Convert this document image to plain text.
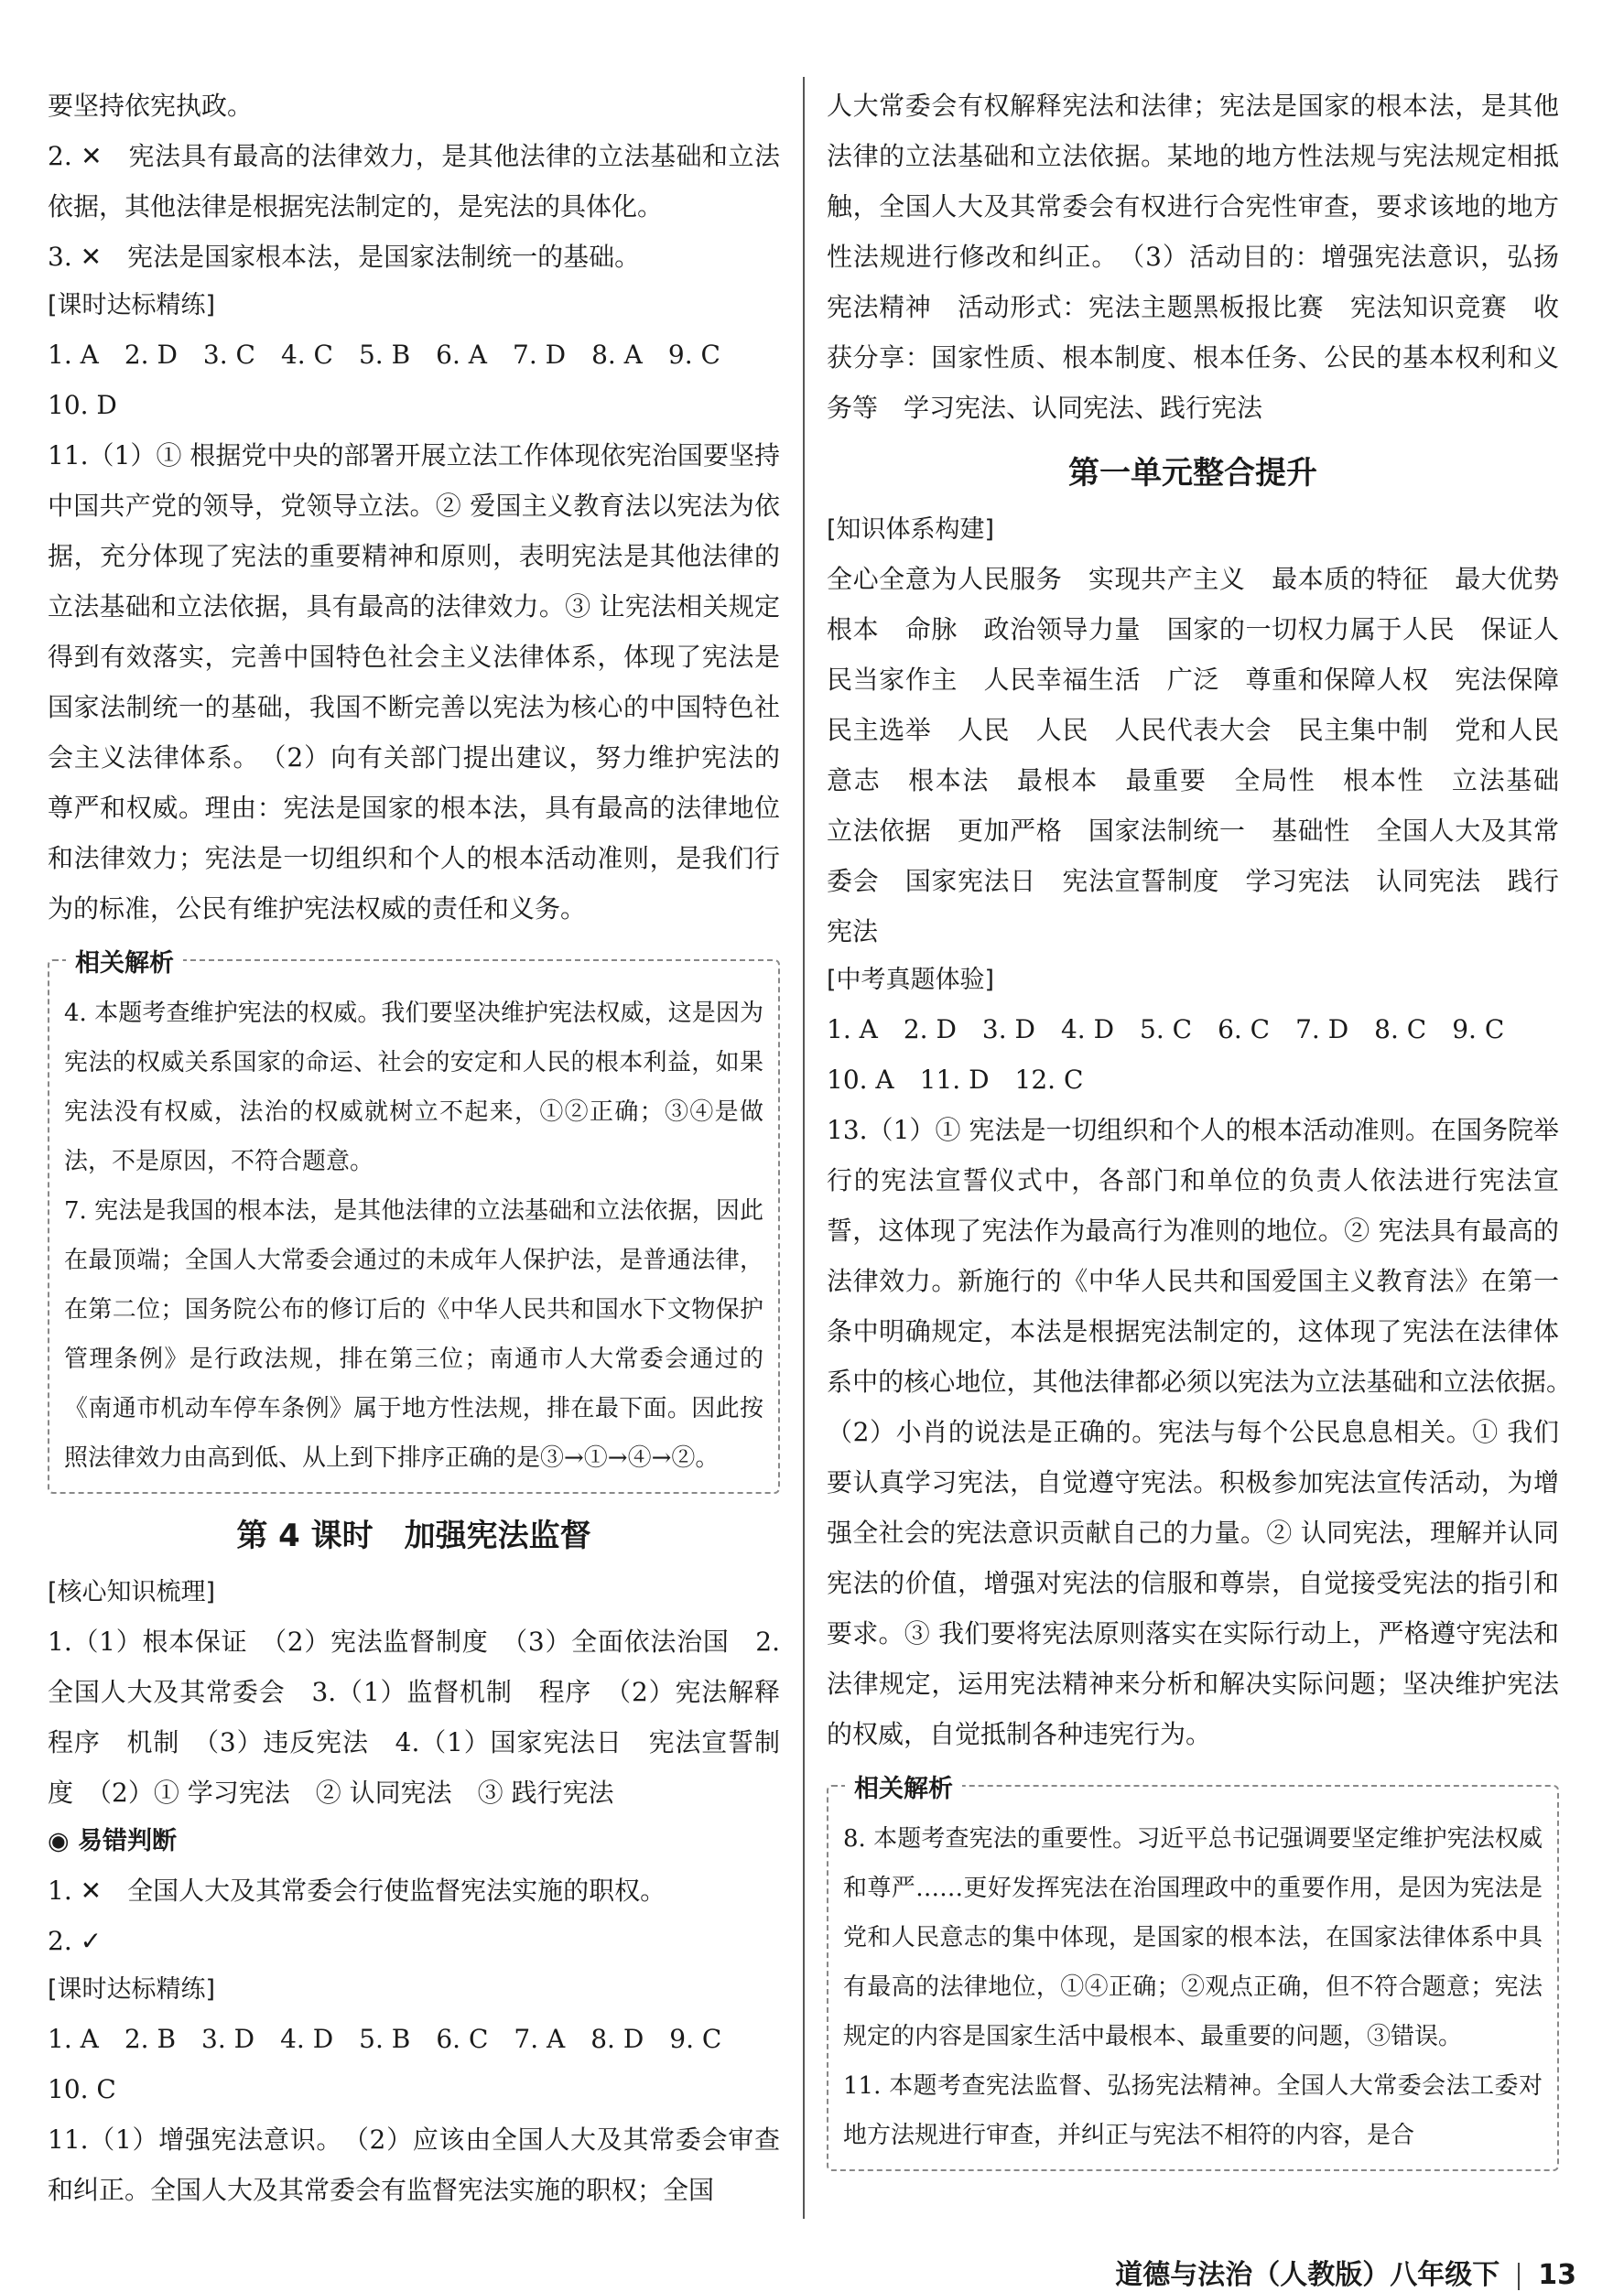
要坚持依宪执政。

2. ✕　宪法具有最高的法律效力，是其他法律的立法基础和立法依据，其他法律是根据宪法制定的，是宪法的具体化。

3. ✕　宪法是国家根本法，是国家法制统一的基础。

[课时达标精练]

1. A　2. D　3. C　4. C　5. B　6. A　7. D　8. A　9. C

10. D

11.（1）① 根据党中央的部署开展立法工作体现依宪治国要坚持中国共产党的领导，党领导立法。② 爱国主义教育法以宪法为依据，充分体现了宪法的重要精神和原则，表明宪法是其他法律的立法基础和立法依据，具有最高的法律效力。③ 让宪法相关规定得到有效落实，完善中国特色社会主义法律体系，体现了宪法是国家法制统一的基础，我国不断完善以宪法为核心的中国特色社会主义法律体系。　（2）向有关部门提出建议，努力维护宪法的尊严和权威。理由：宪法是国家的根本法，具有最高的法律地位和法律效力；宪法是一切组织和个人的根本活动准则，是我们行为的标准，公民有维护宪法权威的责任和义务。

相关解析

4. 本题考查维护宪法的权威。我们要坚决维护宪法权威，这是因为宪法的权威关系国家的命运、社会的安定和人民的根本利益，如果宪法没有权威，法治的权威就树立不起来，①②正确；③④是做法，不是原因，不符合题意。

7. 宪法是我国的根本法，是其他法律的立法基础和立法依据，因此在最顶端；全国人大常委会通过的未成年人保护法，是普通法律，在第二位；国务院公布的修订后的《中华人民共和国水下文物保护管理条例》是行政法规，排在第三位；南通市人大常委会通过的《南通市机动车停车条例》属于地方性法规，排在最下面。因此按照法律效力由高到低、从上到下排序正确的是③→①→④→②。

第 4 课时　加强宪法监督

[核心知识梳理]

1.（1）根本保证　（2）宪法监督制度　（3）全面依法治国　2. 全国人大及其常委会　3.（1）监督机制　程序　（2）宪法解释程序　机制　（3）违反宪法　4.（1）国家宪法日　宪法宣誓制度　（2）① 学习宪法　② 认同宪法　③ 践行宪法

◉ 易错判断

1. ✕　全国人大及其常委会行使监督宪法实施的职权。

2. ✓

[课时达标精练]

1. A　2. B　3. D　4. D　5. B　6. C　7. A　8. D　9. C

10. C

11.（1）增强宪法意识。　（2）应该由全国人大及其常委会审查和纠正。全国人大及其常委会有监督宪法实施的职权；全国

人大常委会有权解释宪法和法律；宪法是国家的根本法，是其他法律的立法基础和立法依据。某地的地方性法规与宪法规定相抵触，全国人大及其常委会有权进行合宪性审查，要求该地的地方性法规进行修改和纠正。　（3）活动目的：增强宪法意识，弘扬宪法精神　活动形式：宪法主题黑板报比赛　宪法知识竞赛　收获分享：国家性质、根本制度、根本任务、公民的基本权利和义务等　学习宪法、认同宪法、践行宪法

第一单元整合提升

[知识体系构建]

全心全意为人民服务　实现共产主义　最本质的特征　最大优势　根本　命脉　政治领导力量　国家的一切权力属于人民　保证人民当家作主　人民幸福生活　广泛　尊重和保障人权　宪法保障　民主选举　人民　人民　人民代表大会　民主集中制　党和人民意志　根本法　最根本　最重要　全局性　根本性　立法基础　立法依据　更加严格　国家法制统一　基础性　全国人大及其常委会　国家宪法日　宪法宣誓制度　学习宪法　认同宪法　践行宪法

[中考真题体验]

1. A　2. D　3. D　4. D　5. C　6. C　7. D　8. C　9. C

10. A　11. D　12. C

13.（1）① 宪法是一切组织和个人的根本活动准则。在国务院举行的宪法宣誓仪式中，各部门和单位的负责人依法进行宪法宣誓，这体现了宪法作为最高行为准则的地位。② 宪法具有最高的法律效力。新施行的《中华人民共和国爱国主义教育法》在第一条中明确规定，本法是根据宪法制定的，这体现了宪法在法律体系中的核心地位，其他法律都必须以宪法为立法基础和立法依据。　（2）小肖的说法是正确的。宪法与每个公民息息相关。① 我们要认真学习宪法，自觉遵守宪法。积极参加宪法宣传活动，为增强全社会的宪法意识贡献自己的力量。② 认同宪法，理解并认同宪法的价值，增强对宪法的信服和尊崇，自觉接受宪法的指引和要求。③ 我们要将宪法原则落实在实际行动上，严格遵守宪法和法律规定，运用宪法精神来分析和解决实际问题；坚决维护宪法的权威，自觉抵制各种违宪行为。

相关解析

8. 本题考查宪法的重要性。习近平总书记强调要坚定维护宪法权威和尊严……更好发挥宪法在治国理政中的重要作用，是因为宪法是党和人民意志的集中体现，是国家的根本法，在国家法律体系中具有最高的法律地位，①④正确；②观点正确，但不符合题意；宪法规定的内容是国家生活中最根本、最重要的问题，③错误。

11. 本题考查宪法监督、弘扬宪法精神。全国人大常委会法工委对地方法规进行审查，并纠正与宪法不相符的内容，是合

道德与法治（人教版）八年级下 13
